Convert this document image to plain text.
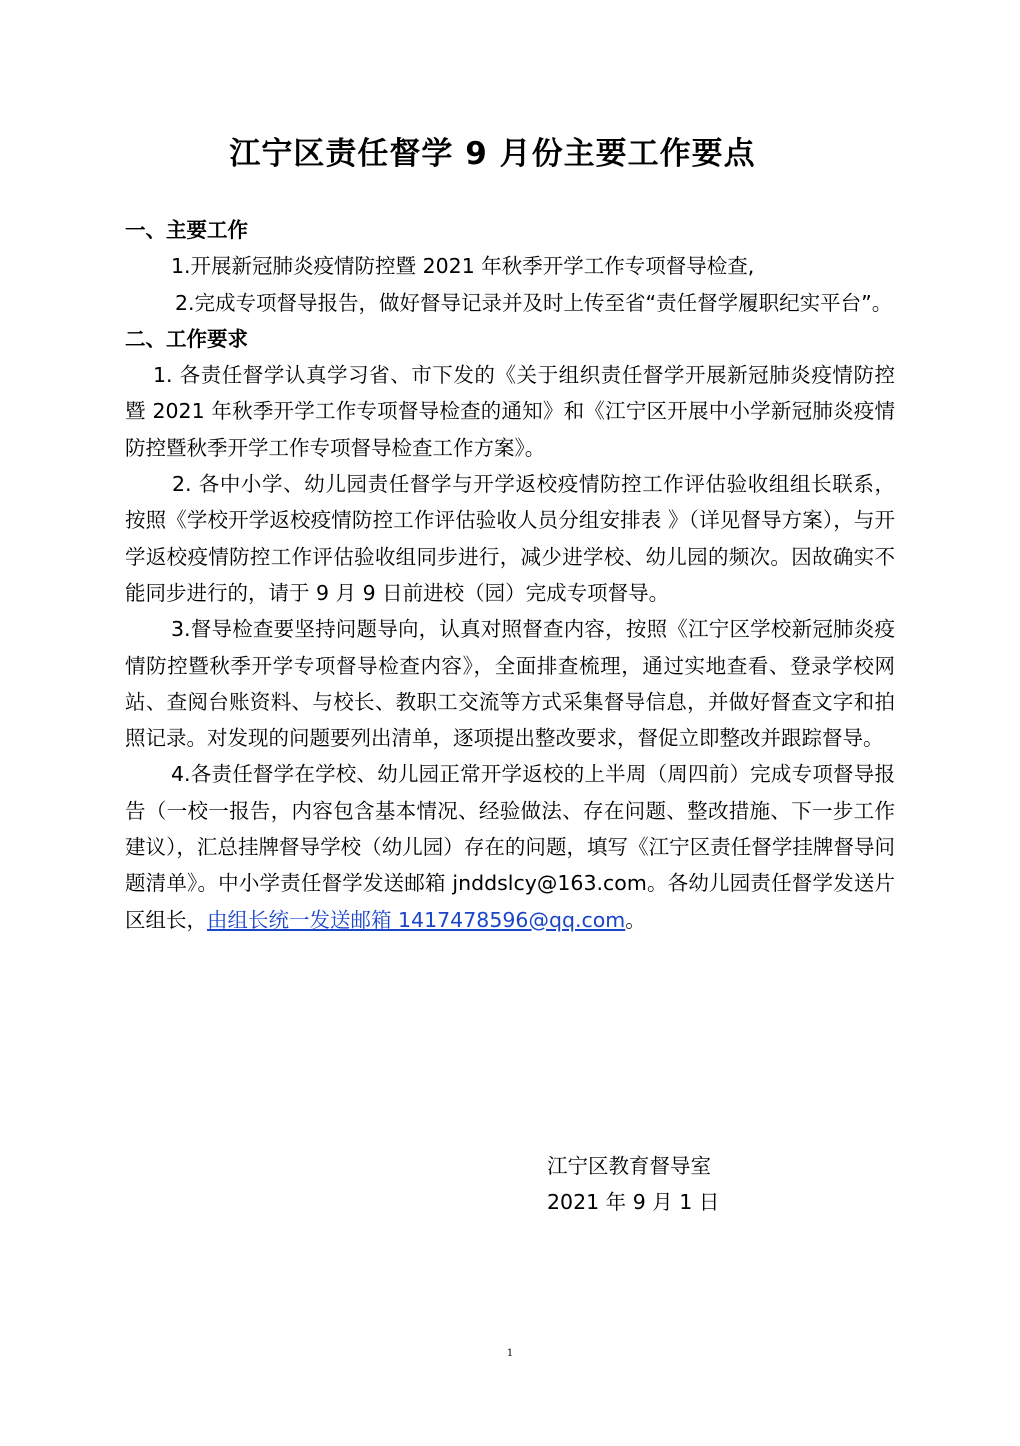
江宁区责任督学 9 月份主要工作要点

一、主要工作

1.开展新冠肺炎疫情防控暨 2021 年秋季开学工作专项督导检查,

2.完成专项督导报告，做好督导记录并及时上传至省“责任督学履职纪实平台”。

二、工作要求

1. 各责任督学认真学习省、市下发的《关于组织责任督学开展新冠肺炎疫情防控暨 2021 年秋季开学工作专项督导检查的通知》和《江宁区开展中小学新冠肺炎疫情防控暨秋季开学工作专项督导检查工作方案》。

2. 各中小学、幼儿园责任督学与开学返校疫情防控工作评估验收组组长联系，按照《学校开学返校疫情防控工作评估验收人员分组安排表 》（详见督导方案），与开学返校疫情防控工作评估验收组同步进行，减少进学校、幼儿园的频次。因故确实不能同步进行的，请于 9 月 9 日前进校（园）完成专项督导。

3.督导检查要坚持问题导向，认真对照督查内容，按照《江宁区学校新冠肺炎疫情防控暨秋季开学专项督导检查内容》，全面排查梳理，通过实地查看、登录学校网站、查阅台账资料、与校长、教职工交流等方式采集督导信息，并做好督查文字和拍照记录。对发现的问题要列出清单，逐项提出整改要求，督促立即整改并跟踪督导。

4.各责任督学在学校、幼儿园正常开学返校的上半周（周四前）完成专项督导报告（一校一报告，内容包含基本情况、经验做法、存在问题、整改措施、下一步工作建议），汇总挂牌督导学校（幼儿园）存在的问题，填写《江宁区责任督学挂牌督导问题清单》。中小学责任督学发送邮箱 jnddslcy@163.com。各幼儿园责任督学发送片区组长，由组长统一发送邮箱 1417478596@qq.com。

江宁区教育督导室
2021 年 9 月 1 日
1
